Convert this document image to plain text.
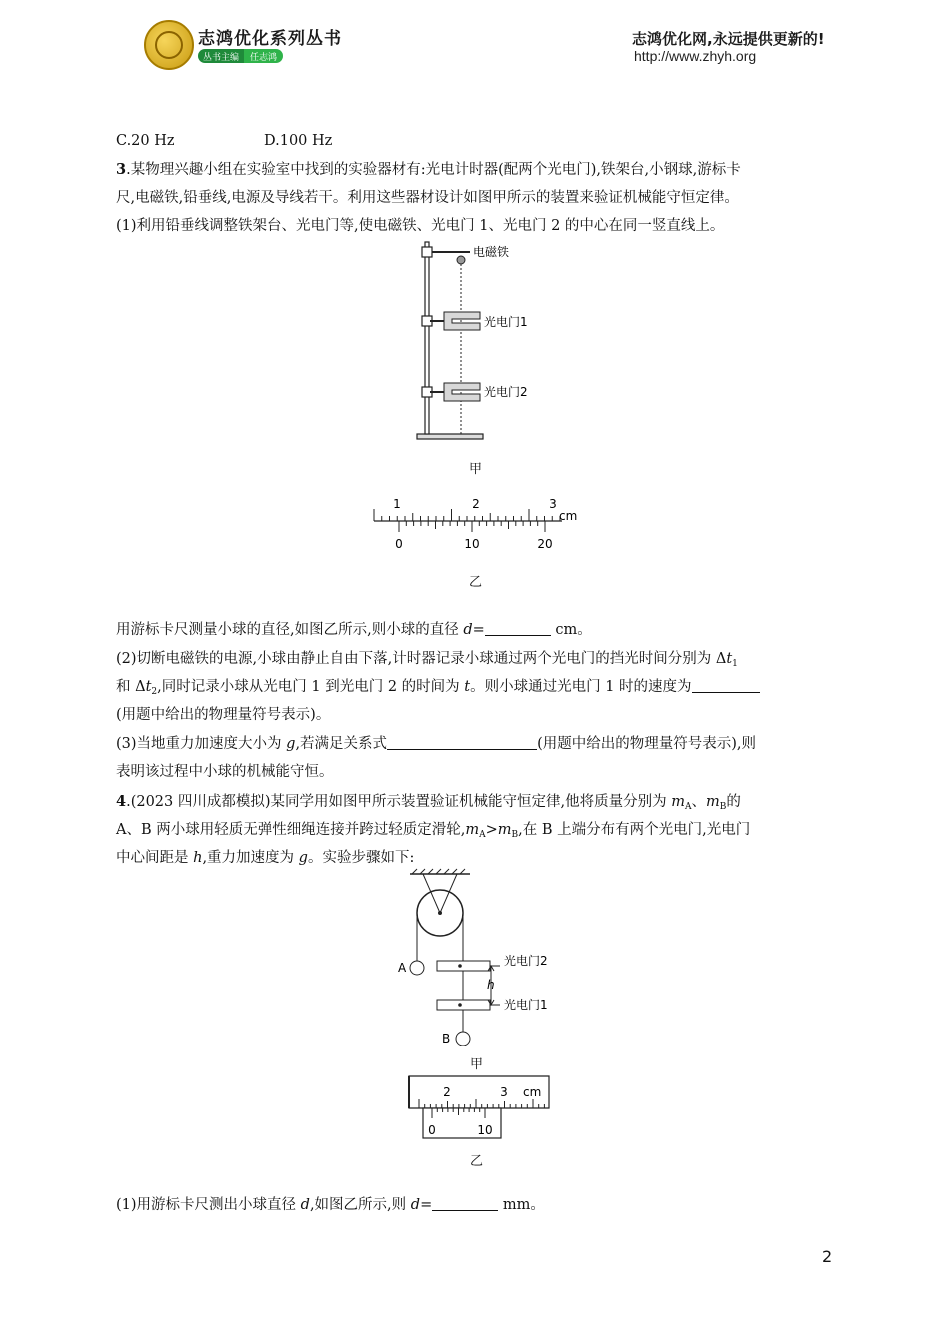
志鸿优化系列丛书
丛书主编	任志鸿
志鸿优化网,永远提供更新的!
http://www.zhyh.org
C.20 Hz	D.100 Hz
3.某物理兴趣小组在实验室中找到的实验器材有:光电计时器(配两个光电门),铁架台,小钢球,游标卡
尺,电磁铁,铅垂线,电源及导线若干。利用这些器材设计如图甲所示的装置来验证机械能守恒定律。
(1)利用铅垂线调整铁架台、光电门等,使电磁铁、光电门 1、光电门 2 的中心在同一竖直线上。
电磁铁
光电门1
光电门2
甲
1	2	3
cm
0	10	20
乙
用游标卡尺测量小球的直径,如图乙所示,则小球的直径 d=	cm。
(2)切断电磁铁的电源,小球由静止自由下落,计时器记录小球通过两个光电门的挡光时间分别为 $\Delta t_1$
和 $\Delta t_2$,同时记录小球从光电门 1 到光电门 2 的时间为 t。则小球通过光电门 1 时的速度为
(用题中给出的物理量符号表示)。
(3)当地重力加速度大小为 g,若满足关系式	(用题中给出的物理量符号表示),则
表明该过程中小球的机械能守恒。
4.(2023 四川成都模拟)某同学用如图甲所示装置验证机械能守恒定律,他将质量分别为 $m_A$、$m_B$的
A、B 两小球用轻质无弹性细绳连接并跨过轻质定滑轮$,m_A>m_B$,在 B 上端分布有两个光电门,光电门
中心间距是 h,重力加速度为 g。实验步骤如下:
A
B
h
光电门2
光电门1
甲
2	3 cm
0	10
乙
(1)用游标卡尺测出小球直径 d,如图乙所示,则 d=	mm。
2
